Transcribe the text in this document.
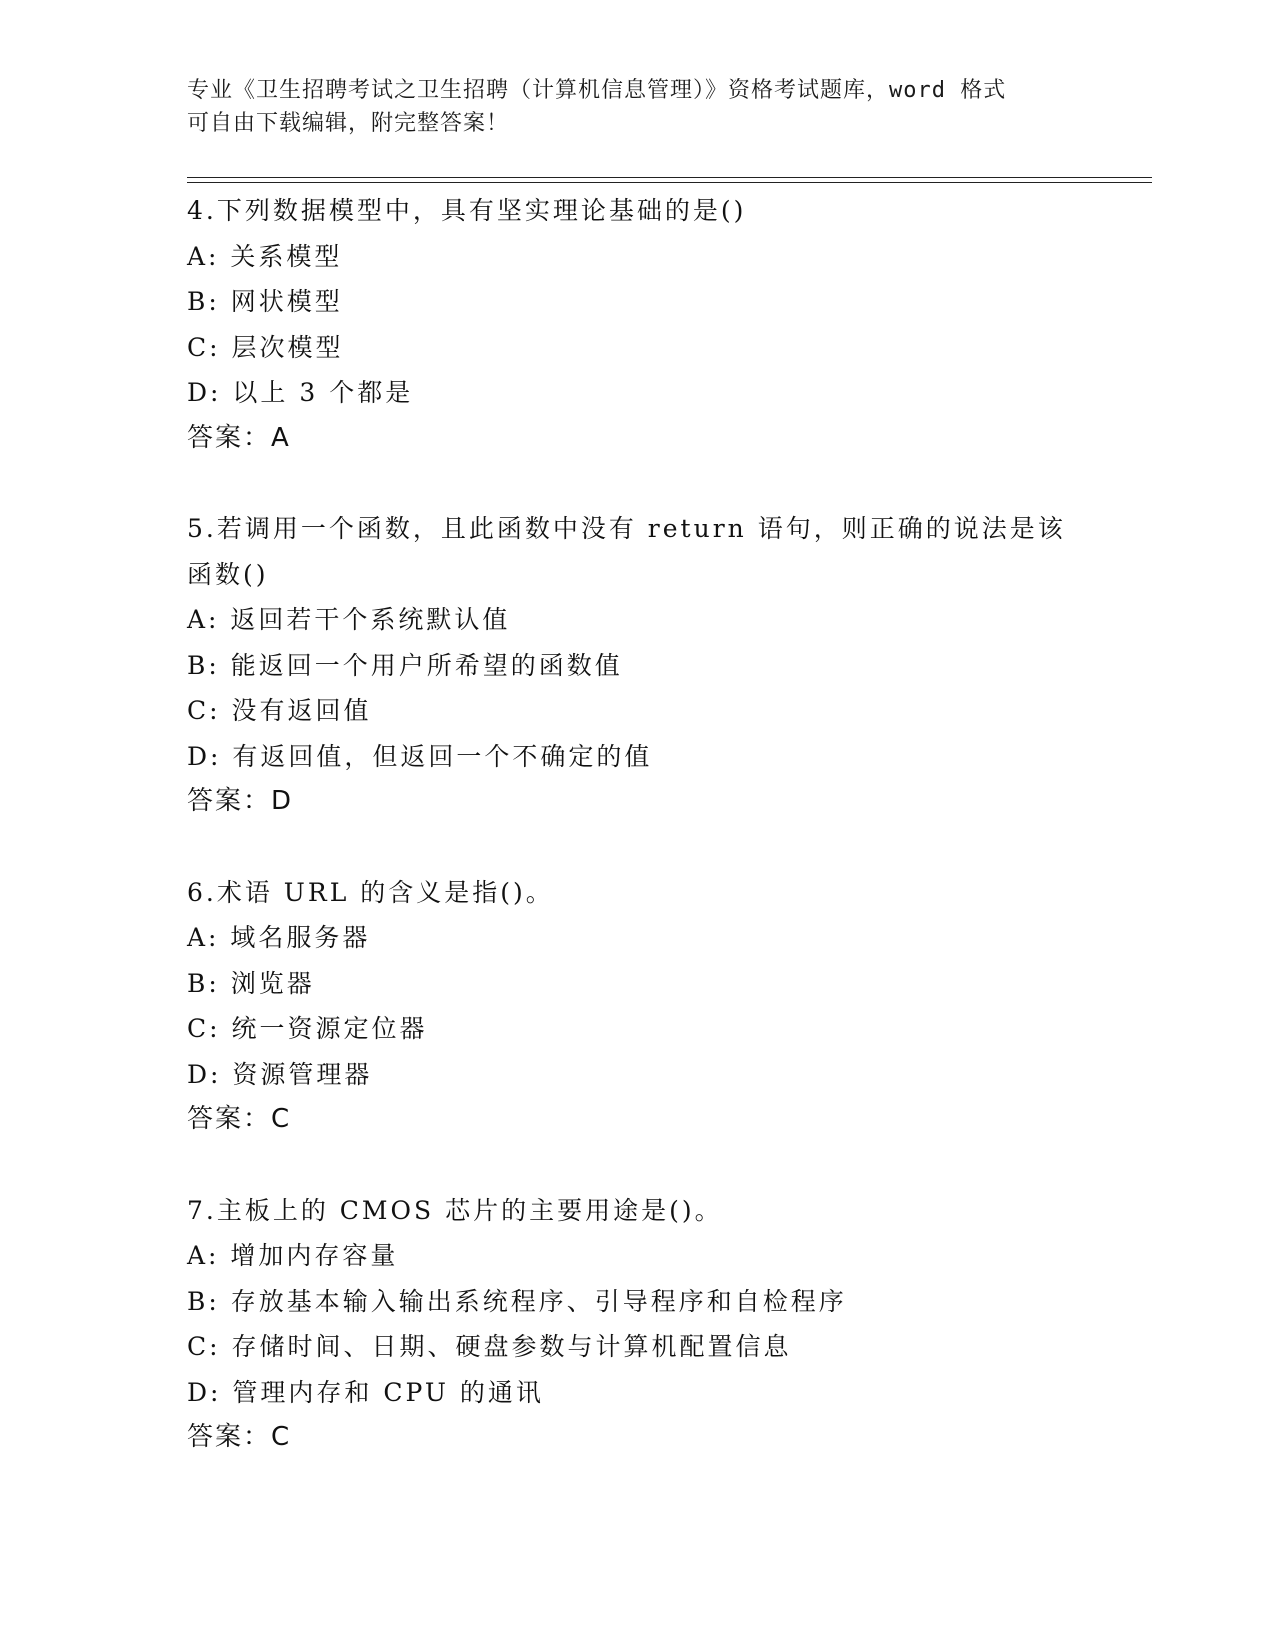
专业《卫生招聘考试之卫生招聘（计算机信息管理）》资格考试题库，word 格式
可自由下载编辑，附完整答案！
4.下列数据模型中，具有坚实理论基础的是()
A: 关系模型
B: 网状模型
C: 层次模型
D: 以上 3 个都是
答案：A
5.若调用一个函数，且此函数中没有 return 语句，则正确的说法是该
函数()
A: 返回若干个系统默认值
B: 能返回一个用户所希望的函数值
C: 没有返回值
D: 有返回值，但返回一个不确定的值
答案：D
6.术语 URL 的含义是指()。
A: 域名服务器
B: 浏览器
C: 统一资源定位器
D: 资源管理器
答案：C
7.主板上的 CMOS 芯片的主要用途是()。
A: 增加内存容量
B: 存放基本输入输出系统程序、引导程序和自检程序
C: 存储时间、日期、硬盘参数与计算机配置信息
D: 管理内存和 CPU 的通讯
答案：C
